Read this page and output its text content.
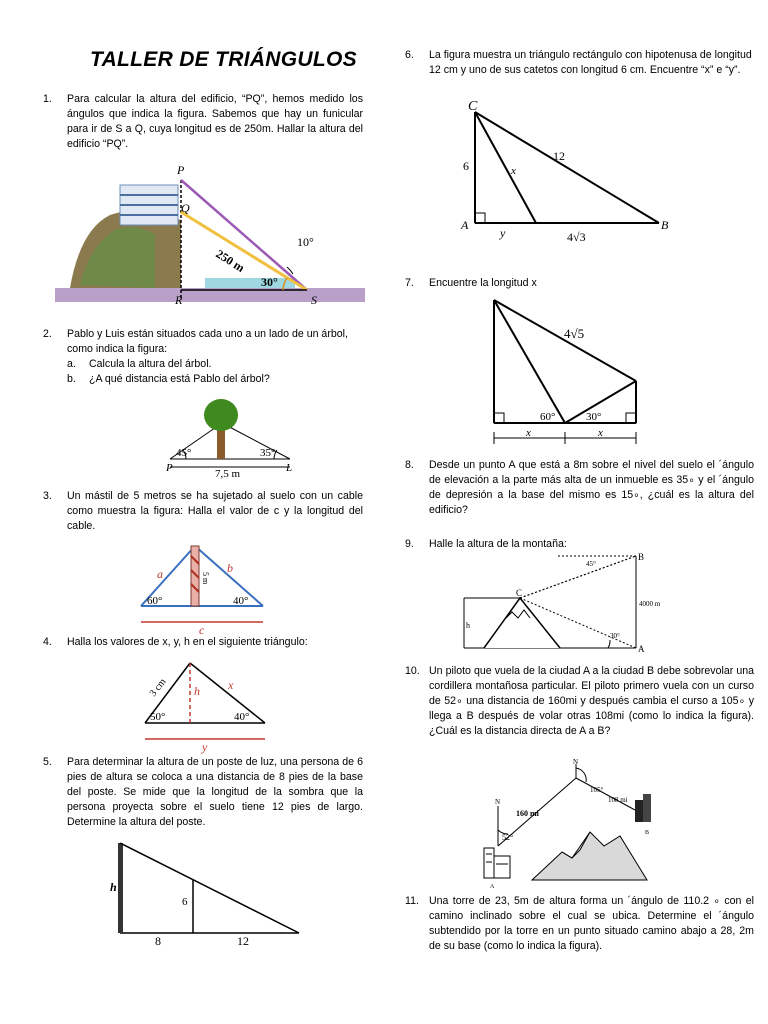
TALLER DE TRIÁNGULOS
1. Para calcular la altura del edificio, “PQ”, hemos medido los ángulos que indica la figura. Sabemos que hay un funicular para ir de S a Q, cuya longitud es de 250m. Hallar la altura del edificio “PQ”.
P
Q
R	S
250 m
30°
10°
2. Pablo y Luis están situados cada uno a un lado de un árbol, como indica la figura:
a. Calcula la altura del árbol.
b. ¿A qué distancia está Pablo del árbol?
45°	35°
P	L
7,5 m
3. Un mástil de 5 metros se ha sujetado al suelo con un cable como muestra la figura: Halla el valor de c y la longitud del cable.
a	b
c
5 m
60°	40°
4. Halla los valores de x, y, h en el siguiente triángulo:
3 cm h x
y
50°	40°
5. Para determinar la altura de un poste de luz, una persona de 6 pies de altura se coloca a una distancia de 8 pies de la base del poste. Se mide que la longitud de la sombra que la persona proyecta sobre el suelo tiene 12 pies de largo. Determine la altura del poste.
h
6
8	12
6. La figura muestra un triángulo rectángulo con hipotenusa de longitud 12 cm y uno de sus catetos con longitud 6 cm. Encuentre “x” e “y”.
C
A	B
6
12
x
y	4√3
7. Encuentre la longitud x
4√5
60°	30°
x	x
8. Desde un punto A que está a 8m sobre el nivel del suelo el ´ángulo de elevación a la parte más alta de un inmueble es 35∘ y el ´ángulo de depresión a la base del mismo es 15∘, ¿cuál es la altura del edificio?
9. Halle la altura de la montaña:
B
C
A
45°
30°
4000 m
h
10. Un piloto que vuela de la ciudad A a la ciudad B debe sobrevolar una cordillera montañosa particular. El piloto primero vuela con un curso de 52∘ una distancia de 160mi y después cambia el curso a 105∘ y llega a B después de volar otras 108mi (como lo indica la figura). ¿Cuál es la distancia directa de A a B?
N
N
160 mi
108 mi
52°
105°
A
B
11. Una torre de 23, 5m de altura forma un ´ángulo de 110.2 ∘ con el camino inclinado sobre el cual se ubica. Determine el ´ángulo subtendido por la torre en un punto situado camino abajo a 28, 2m de su base (como lo indica la figura).
